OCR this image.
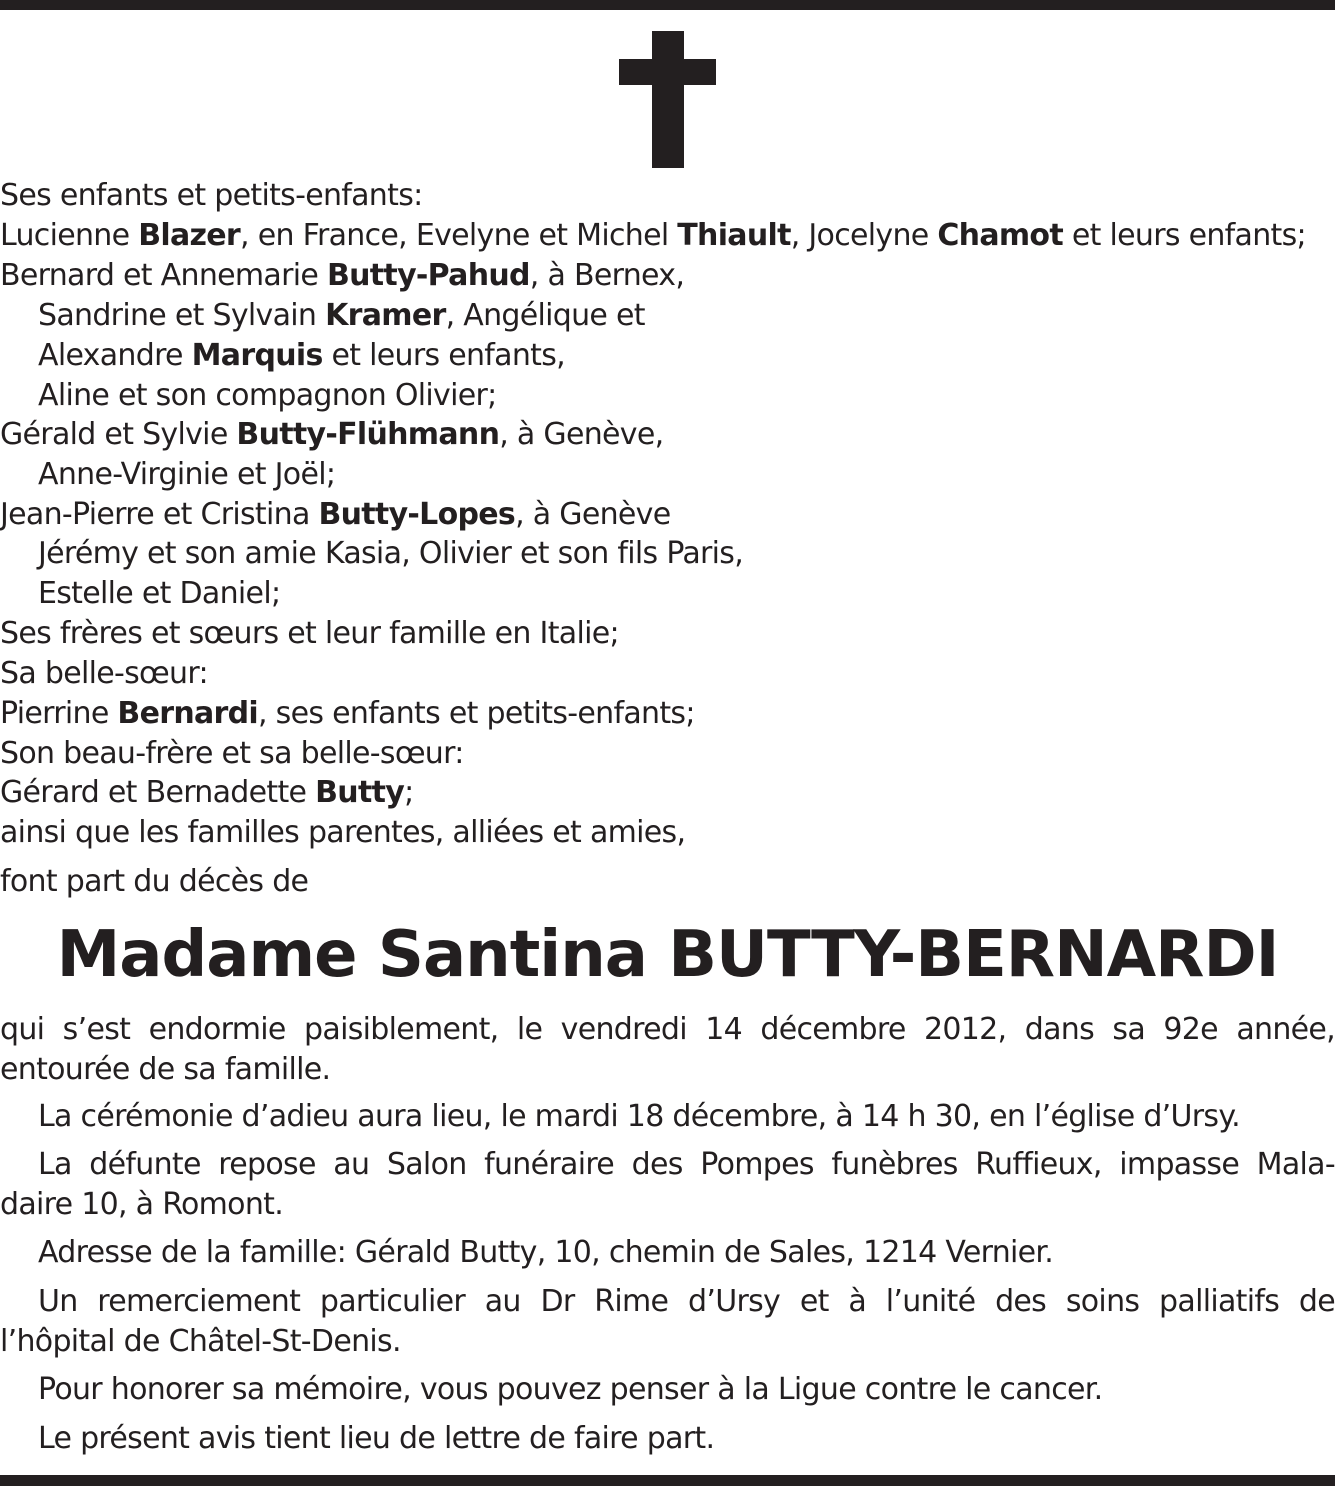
Ses enfants et petits-enfants:
Lucienne Blazer, en France, Evelyne et Michel Thiault, Jocelyne Chamot et leurs enfants;
Bernard et Annemarie Butty-Pahud, à Bernex,
Sandrine et Sylvain Kramer, Angélique et
Alexandre Marquis et leurs enfants,
Aline et son compagnon Olivier;
Gérald et Sylvie Butty-Flühmann, à Genève,
Anne-Virginie et Joël;
Jean-Pierre et Cristina Butty-Lopes, à Genève
Jérémy et son amie Kasia, Olivier et son fils Paris,
Estelle et Daniel;
Ses frères et sœurs et leur famille en Italie;
Sa belle-sœur:
Pierrine Bernardi, ses enfants et petits-enfants;
Son beau-frère et sa belle-sœur:
Gérard et Bernadette Butty;
ainsi que les familles parentes, alliées et amies,
font part du décès de
Madame Santina BUTTY-BERNARDI
qui s’est endormie paisiblement, le vendredi 14 décembre 2012, dans sa 92e année,
entourée de sa famille.
La cérémonie d’adieu aura lieu, le mardi 18 décembre, à 14 h 30, en l’église d’Ursy.
La défunte repose au Salon funéraire des Pompes funèbres Ruffieux, impasse Mala-
daire 10, à Romont.
Adresse de la famille: Gérald Butty, 10, chemin de Sales, 1214 Vernier.
Un remerciement particulier au Dr Rime d’Ursy et à l’unité des soins palliatifs de
l’hôpital de Châtel-St-Denis.
Pour honorer sa mémoire, vous pouvez penser à la Ligue contre le cancer.
Le présent avis tient lieu de lettre de faire part.
